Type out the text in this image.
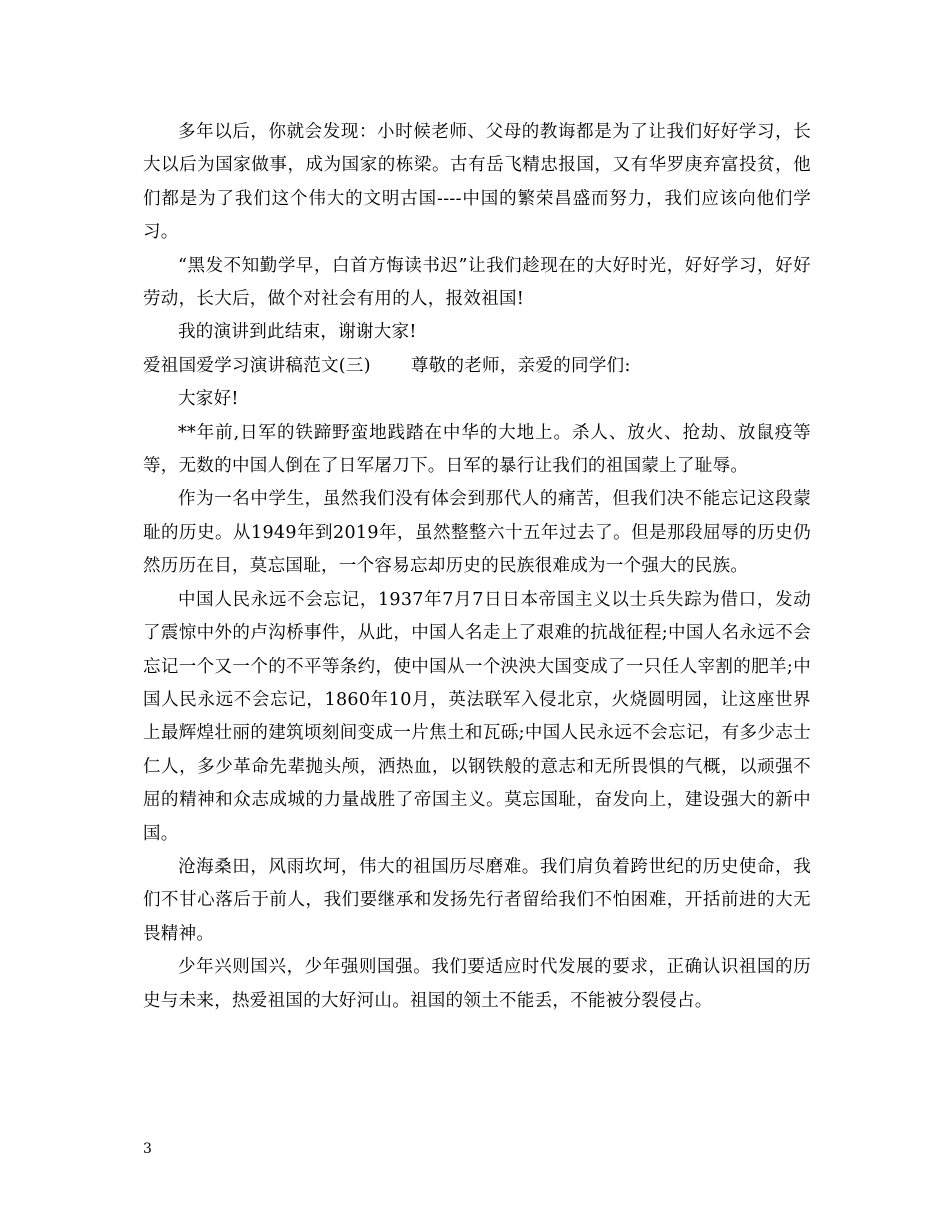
多年以后，你就会发现：小时候老师、父母的教诲都是为了让我们好好学习，长大以后为国家做事，成为国家的栋梁。古有岳飞精忠报国，又有华罗庚弃富投贫，他们都是为了我们这个伟大的文明古国----中国的繁荣昌盛而努力，我们应该向他们学习。

“黑发不知勤学早，白首方悔读书迟”让我们趁现在的大好时光，好好学习，好好劳动，长大后，做个对社会有用的人，报效祖国!

我的演讲到此结束，谢谢大家!

爱祖国爱学习演讲稿范文(三) 尊敬的老师，亲爱的同学们:

大家好!

**年前,日军的铁蹄野蛮地践踏在中华的大地上。杀人、放火、抢劫、放鼠疫等等，无数的中国人倒在了日军屠刀下。日军的暴行让我们的祖国蒙上了耻辱。

作为一名中学生，虽然我们没有体会到那代人的痛苦，但我们决不能忘记这段蒙耻的历史。从1949年到2019年，虽然整整六十五年过去了。但是那段屈辱的历史仍然历历在目，莫忘国耻，一个容易忘却历史的民族很难成为一个强大的民族。

中国人民永远不会忘记，1937年7月7日日本帝国主义以士兵失踪为借口，发动了震惊中外的卢沟桥事件，从此，中国人名走上了艰难的抗战征程;中国人名永远不会忘记一个又一个的不平等条约，使中国从一个泱泱大国变成了一只任人宰割的肥羊;中国人民永远不会忘记，1860年10月，英法联军入侵北京，火烧圆明园，让这座世界上最辉煌壮丽的建筑顷刻间变成一片焦土和瓦砾;中国人民永远不会忘记，有多少志士仁人，多少革命先辈抛头颅，洒热血，以钢铁般的意志和无所畏惧的气概，以顽强不屈的精神和众志成城的力量战胜了帝国主义。莫忘国耻，奋发向上，建设强大的新中国。

沧海桑田，风雨坎坷，伟大的祖国历尽磨难。我们肩负着跨世纪的历史使命，我们不甘心落后于前人，我们要继承和发扬先行者留给我们不怕困难，开括前进的大无畏精神。

少年兴则国兴，少年强则国强。我们要适应时代发展的要求，正确认识祖国的历史与未来，热爱祖国的大好河山。祖国的领土不能丢，不能被分裂侵占。

3
